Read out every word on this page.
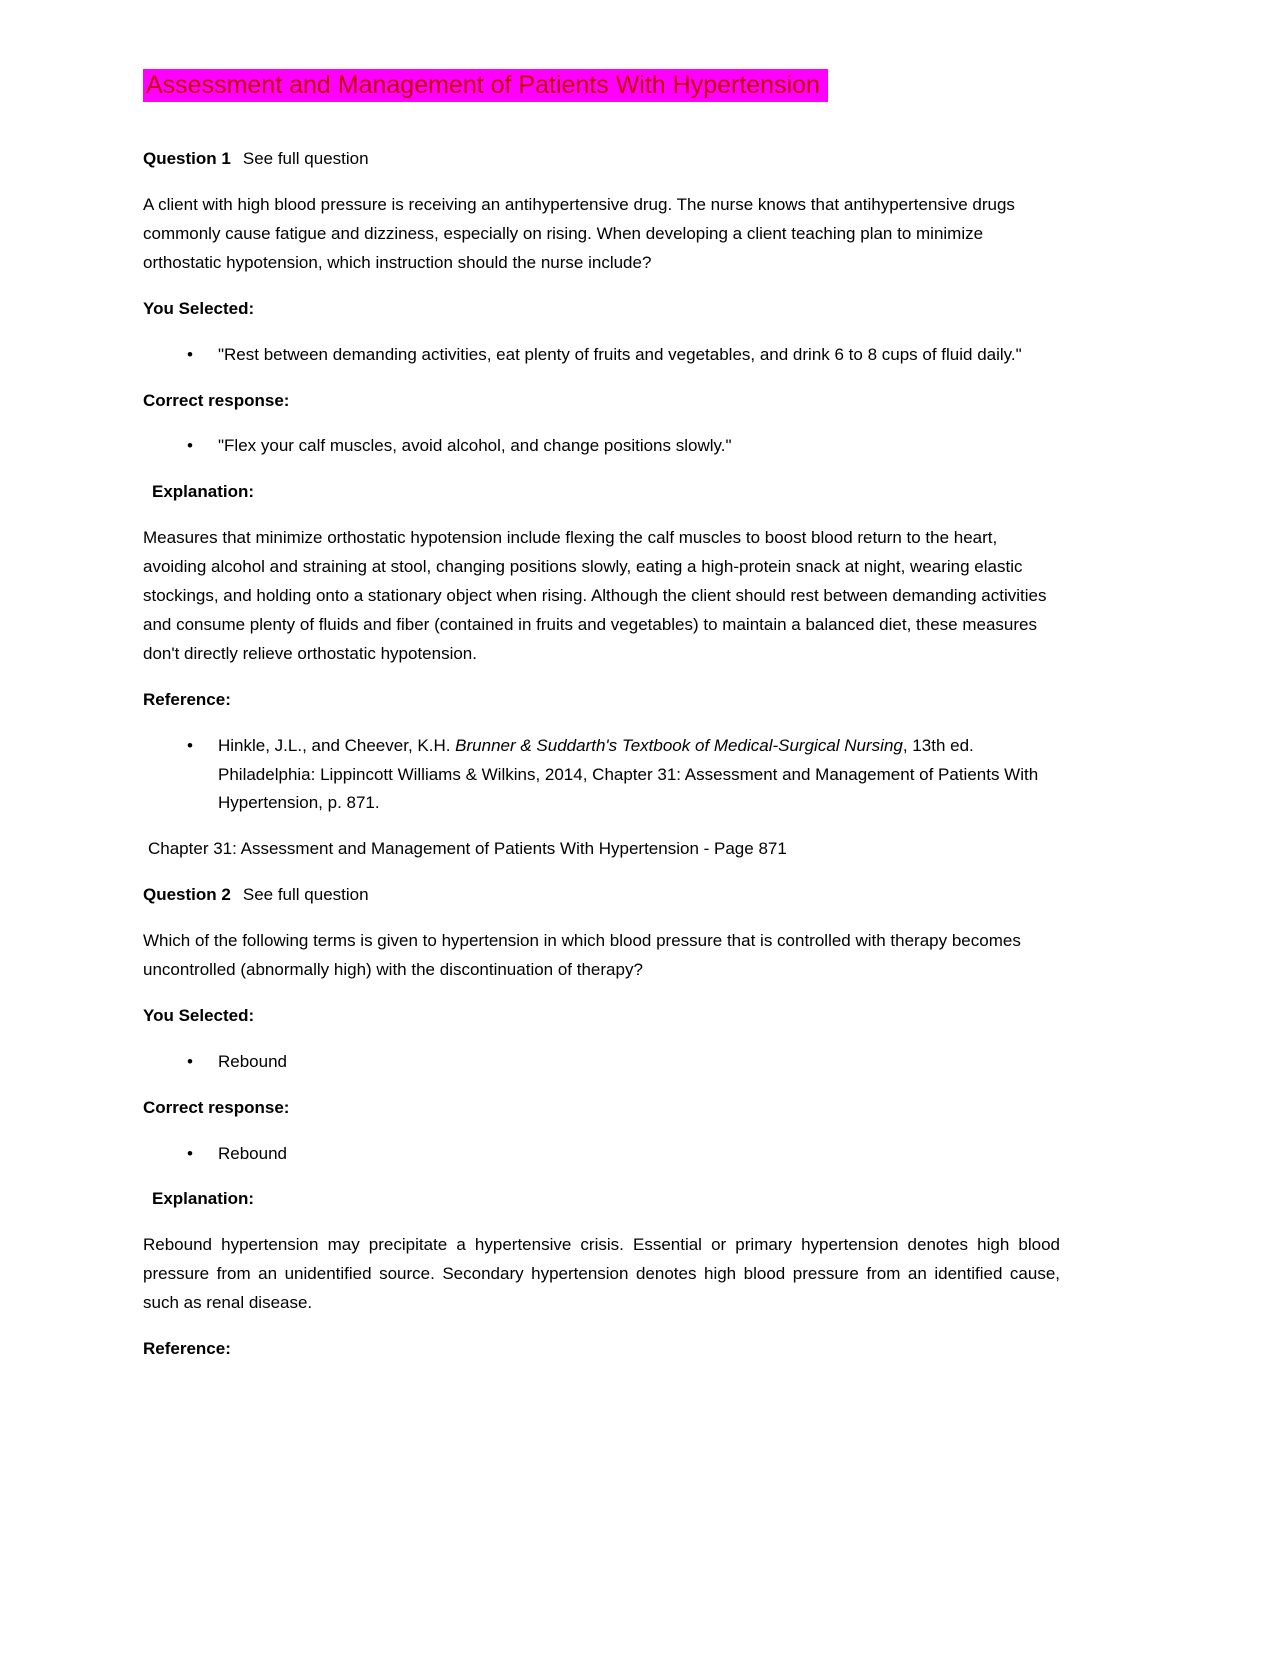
Assessment and Management of Patients With Hypertension

Question 1 See full question

A client with high blood pressure is receiving an antihypertensive drug. The nurse knows that antihypertensive drugs commonly cause fatigue and dizziness, especially on rising. When developing a client teaching plan to minimize orthostatic hypotension, which instruction should the nurse include?

You Selected:

• "Rest between demanding activities, eat plenty of fruits and vegetables, and drink 6 to 8 cups of fluid daily."

Correct response:

• "Flex your calf muscles, avoid alcohol, and change positions slowly."

Explanation:

Measures that minimize orthostatic hypotension include flexing the calf muscles to boost blood return to the heart, avoiding alcohol and straining at stool, changing positions slowly, eating a high-protein snack at night, wearing elastic stockings, and holding onto a stationary object when rising. Although the client should rest between demanding activities and consume plenty of fluids and fiber (contained in fruits and vegetables) to maintain a balanced diet, these measures don't directly relieve orthostatic hypotension.

Reference:

• Hinkle, J.L., and Cheever, K.H. Brunner & Suddarth's Textbook of Medical-Surgical Nursing, 13th ed. Philadelphia: Lippincott Williams & Wilkins, 2014, Chapter 31: Assessment and Management of Patients With Hypertension, p. 871.

Chapter 31: Assessment and Management of Patients With Hypertension - Page 871

Question 2 See full question

Which of the following terms is given to hypertension in which blood pressure that is controlled with therapy becomes uncontrolled (abnormally high) with the discontinuation of therapy?

You Selected:

• Rebound

Correct response:

• Rebound

Explanation:

Rebound hypertension may precipitate a hypertensive crisis. Essential or primary hypertension denotes high blood pressure from an unidentified source. Secondary hypertension denotes high blood pressure from an identified cause, such as renal disease.

Reference:
